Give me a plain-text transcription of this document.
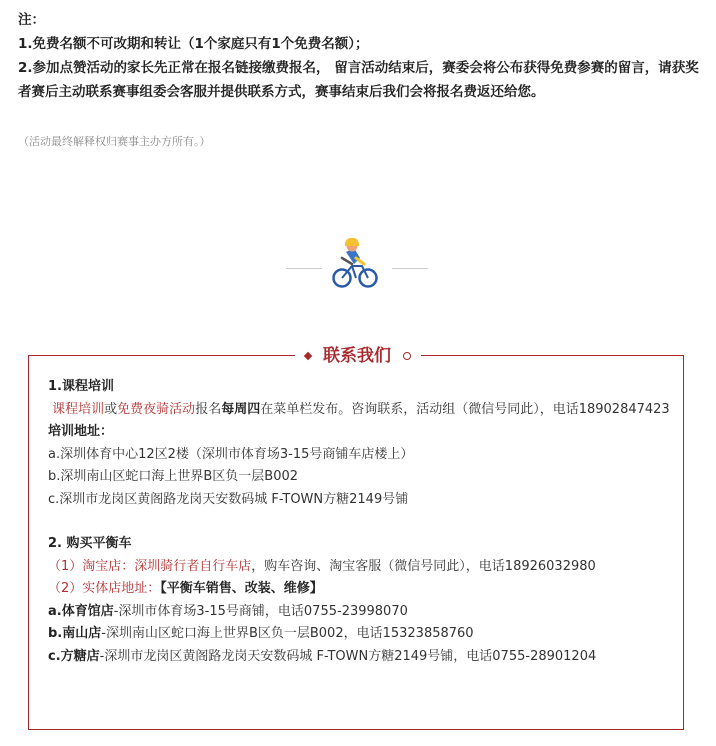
注：

1.免费名额不可改期和转让（1个家庭只有1个免费名额）；

2.参加点赞活动的家长先正常在报名链接缴费报名， 留言活动结束后，赛委会将公布获得免费参赛的留言，请获奖者赛后主动联系赛事组委会客服并提供联系方式，赛事结束后我们会将报名费返还给您。

（活动最终解释权归赛事主办方所有。）
联系我们

1.课程培训

课程培训或免费夜骑活动报名每周四在菜单栏发布。咨询联系，活动组（微信号同此），电话18902847423

培训地址：

a.深圳体育中心12区2楼（深圳市体育场3-15号商铺车店楼上）

b.深圳南山区蛇口海上世界B区负一层B002

c.深圳市龙岗区黄阁路龙岗天安数码城 F-TOWN方糖2149号铺

2. 购买平衡车

（1）淘宝店：深圳骑行者自行车店，购车咨询、淘宝客服（微信号同此），电话18926032980

（2）实体店地址：【平衡车销售、改装、维修】

a.体育馆店-深圳市体育场3-15号商铺，电话0755-23998070

b.南山店-深圳南山区蛇口海上世界B区负一层B002，电话15323858760

c.方糖店-深圳市龙岗区黄阁路龙岗天安数码城 F-TOWN方糖2149号铺，电话0755-28901204
